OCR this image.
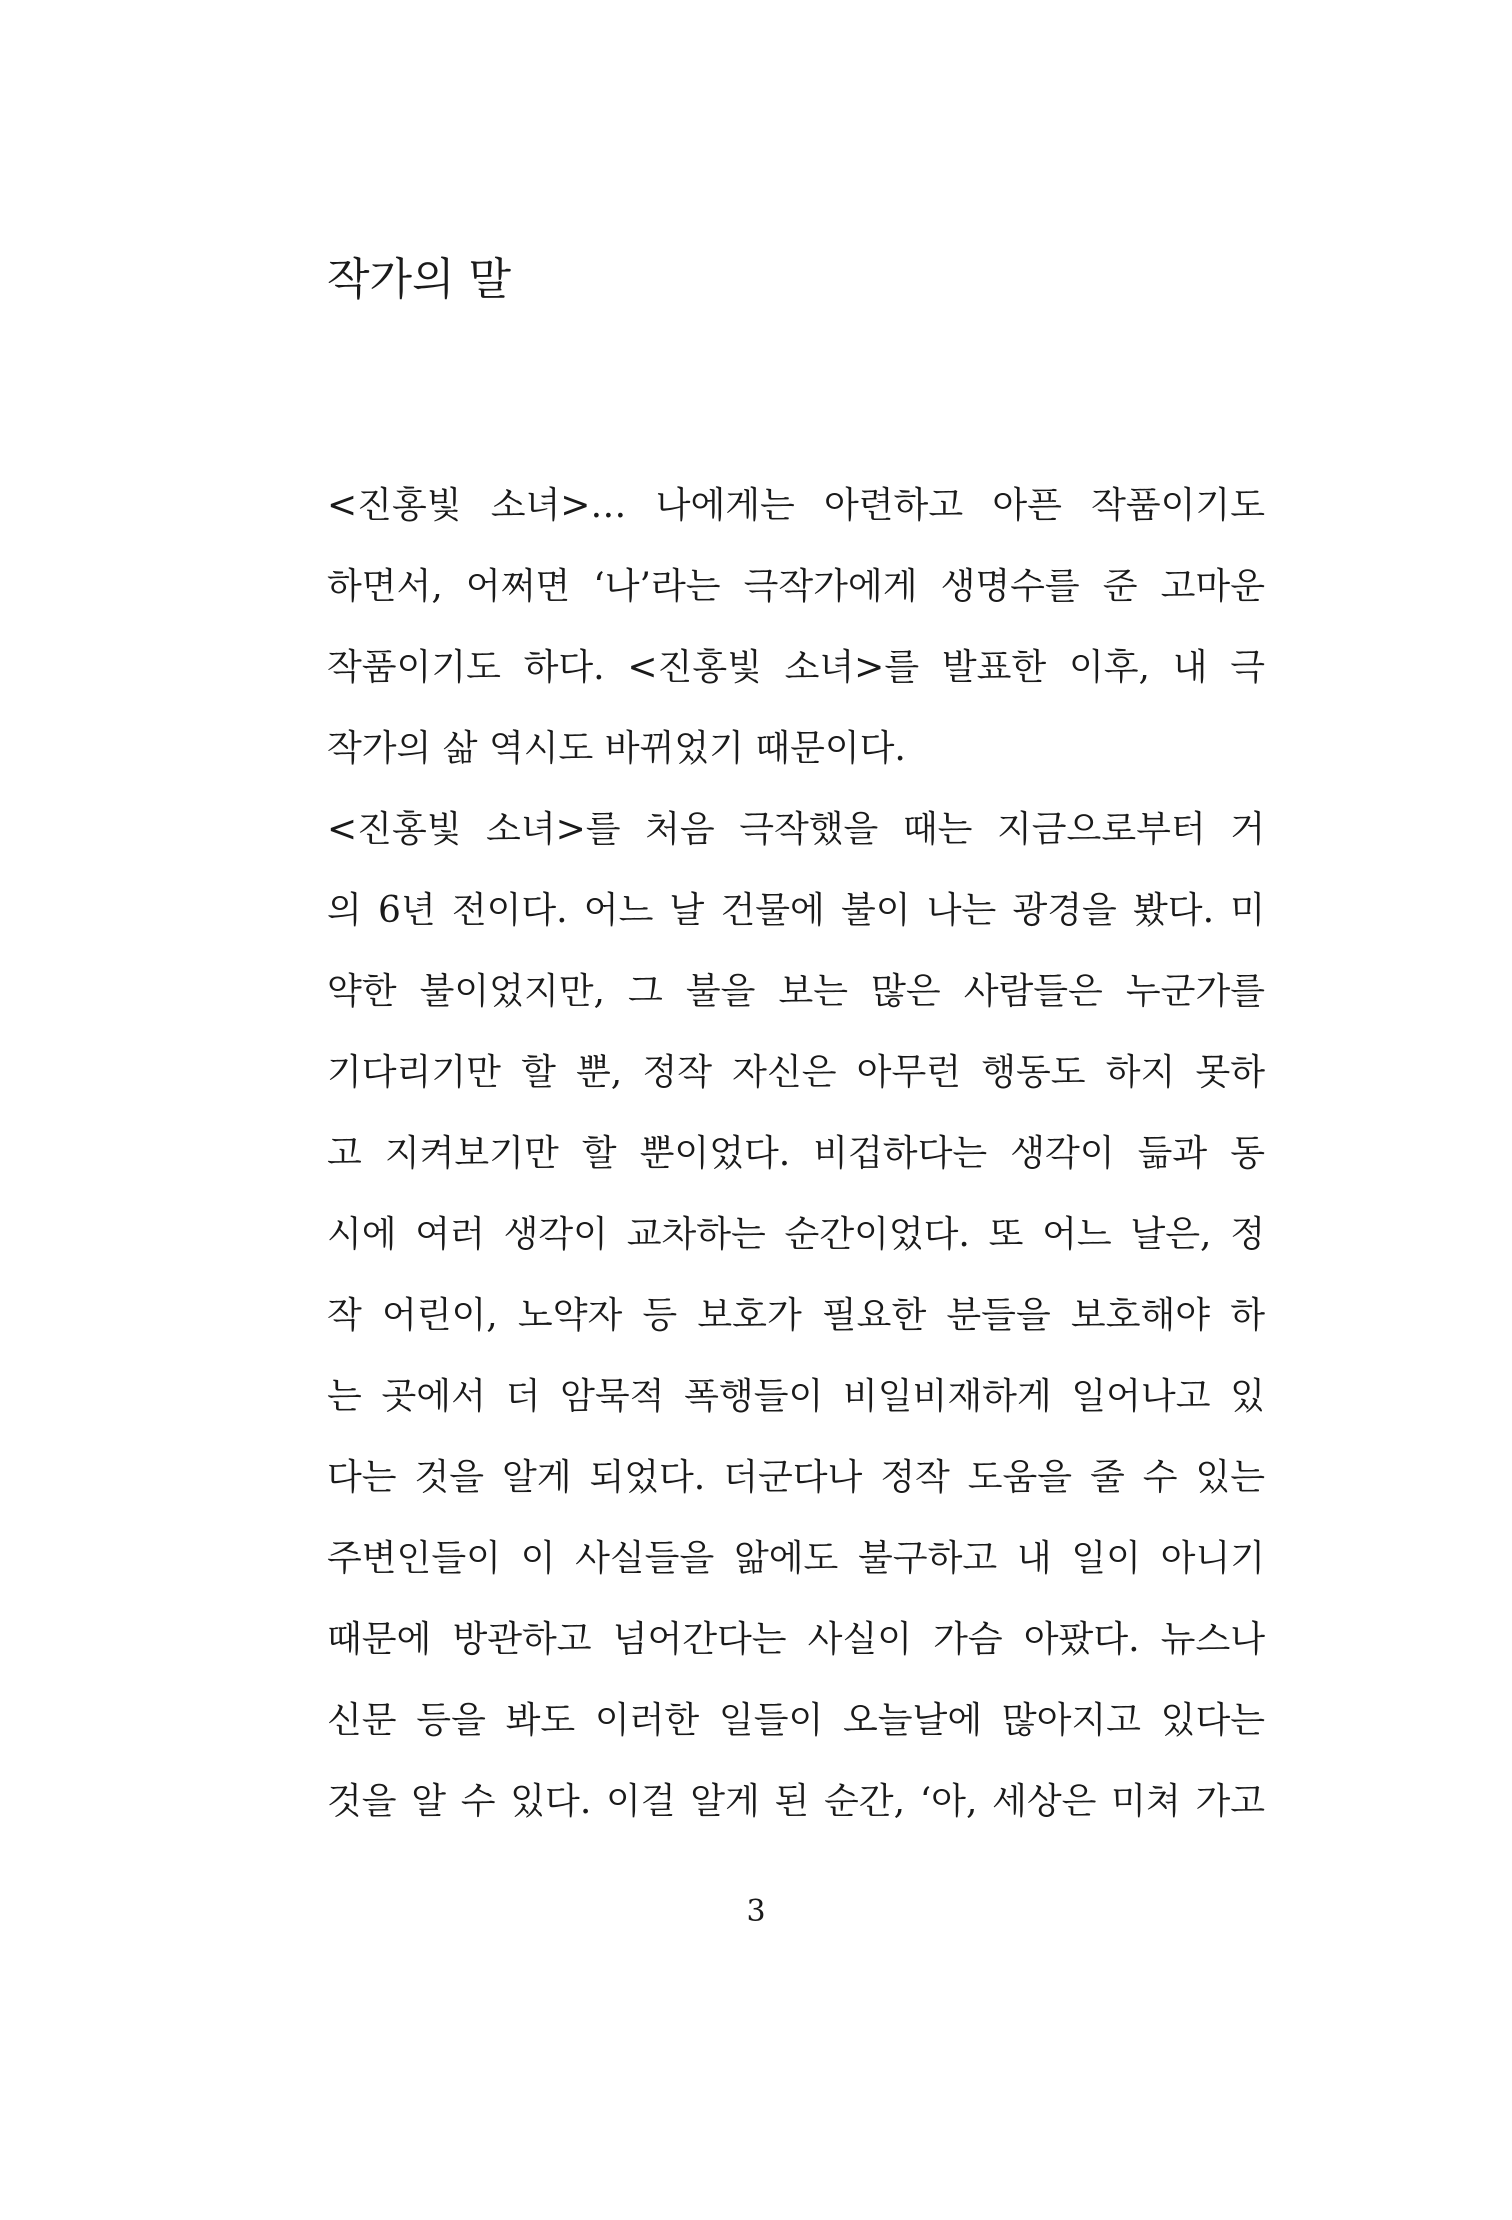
작가의 말
<진홍빛 소녀>… 나에게는 아련하고 아픈 작품이기도
하면서, 어쩌면 ‘나’라는 극작가에게 생명수를 준 고마운
작품이기도 하다. <진홍빛 소녀>를 발표한 이후, 내 극
작가의 삶 역시도 바뀌었기 때문이다.
<진홍빛 소녀>를 처음 극작했을 때는 지금으로부터 거
의 6년 전이다. 어느 날 건물에 불이 나는 광경을 봤다. 미
약한 불이었지만, 그 불을 보는 많은 사람들은 누군가를
기다리기만 할 뿐, 정작 자신은 아무런 행동도 하지 못하
고 지켜보기만 할 뿐이었다. 비겁하다는 생각이 듦과 동
시에 여러 생각이 교차하는 순간이었다. 또 어느 날은, 정
작 어린이, 노약자 등 보호가 필요한 분들을 보호해야 하
는 곳에서 더 암묵적 폭행들이 비일비재하게 일어나고 있
다는 것을 알게 되었다. 더군다나 정작 도움을 줄 수 있는
주변인들이 이 사실들을 앎에도 불구하고 내 일이 아니기
때문에 방관하고 넘어간다는 사실이 가슴 아팠다. 뉴스나
신문 등을 봐도 이러한 일들이 오늘날에 많아지고 있다는
것을 알 수 있다. 이걸 알게 된 순간, ‘아, 세상은 미쳐 가고
3
